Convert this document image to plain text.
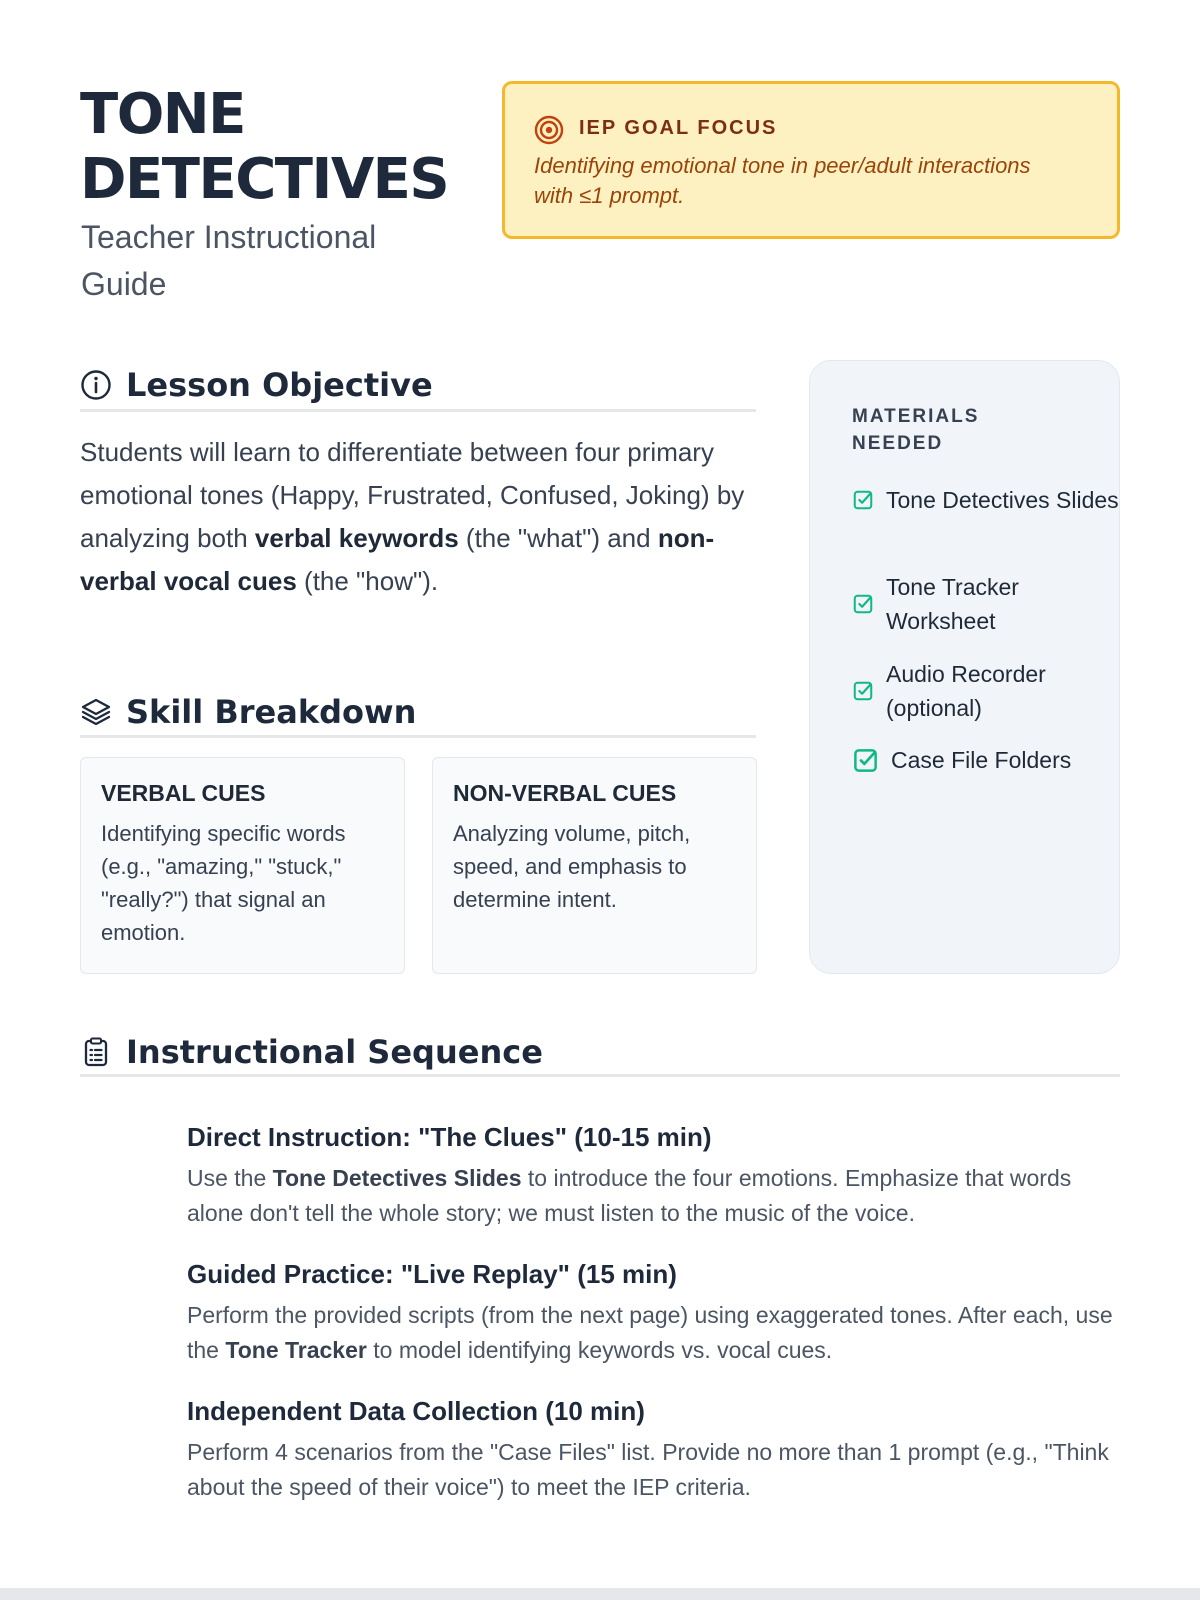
TONE
DETECTIVES
Teacher Instructional Guide
IEP GOAL FOCUS
Identifying emotional tone in peer/adult interactions with ≤1 prompt.
Lesson Objective

Students will learn to differentiate between four primary emotional tones (Happy, Frustrated, Confused, Joking) by analyzing both verbal keywords (the "what") and non-verbal vocal cues (the "how").

Skill Breakdown
VERBAL CUES
Identifying specific words (e.g., "amazing," "stuck," "really?") that signal an emotion.
NON-VERBAL CUES
Analyzing volume, pitch, speed, and emphasis to determine intent.
MATERIALS NEEDED
Tone Detectives Slides
Tone Tracker Worksheet
Audio Recorder (optional)
Case File Folders
Instructional Sequence
Direct Instruction: "The Clues" (10-15 min)

Use the Tone Detectives Slides to introduce the four emotions. Emphasize that words alone don't tell the whole story; we must listen to the music of the voice.

Guided Practice: "Live Replay" (15 min)

Perform the provided scripts (from the next page) using exaggerated tones. After each, use the Tone Tracker to model identifying keywords vs. vocal cues.

Independent Data Collection (10 min)

Perform 4 scenarios from the "Case Files" list. Provide no more than 1 prompt (e.g., "Think about the speed of their voice") to meet the IEP criteria.
